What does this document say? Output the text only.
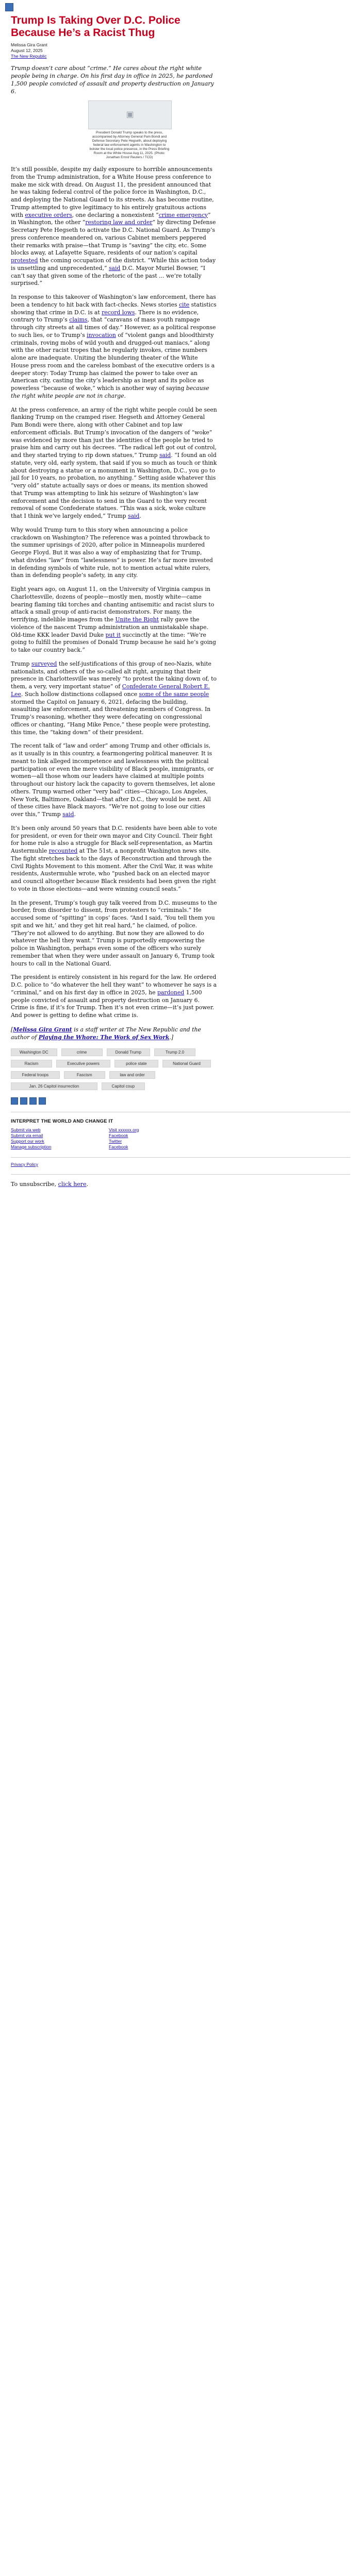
Trump Is Taking Over D.C. Police Because He’s a Racist Thug
Melissa Gira Grant
August 12, 2025
The New Republic
Trump doesn’t care about “crime.” He cares about the right white people being in charge. On his first day in office in 2025, he pardoned 1,500 people convicted of assault and property destruction on January 6.
▣
President Donald Trump speaks to the press, accompanied by Attorney General Pam Bondi and Defense Secretary Pete Hegseth, about deploying federal law enforcement agents in Washington to bolster the local police presence, in the Press Briefing Room at the White House Aug 11, 2025. (Photo: Jonathan Ernst/ Reuters / TCD)

It’s still possible, despite my daily exposure to horrible announcements from the Trump administration, for a White House press conference to make me sick with dread. On August 11, the president announced that he was taking federal control of the police force in Washington, D.C., and deploying the National Guard to its streets. As has become routine, Trump attempted to give legitimacy to his entirely gratuitous actions with executive orders, one declaring a nonexistent “crime emergency” in Washington, the other “restoring law and order” by directing Defense Secretary Pete Hegseth to activate the D.C. National Guard. As Trump’s press conference meandered on, various Cabinet members peppered their remarks with praise—that Trump is “saving” the city, etc. Some blocks away, at Lafayette Square, residents of our nation’s capital protested the coming occupation of the district. “While this action today is unsettling and unprecedented,” said D.C. Mayor Muriel Bowser, “I can’t say that given some of the rhetoric of the past ... we’re totally surprised.”

In response to this takeover of Washington’s law enforcement, there has been a tendency to hit back with fact-checks. News stories cite statistics showing that crime in D.C. is at record lows. There is no evidence, contrary to Trump’s claims, that “caravans of mass youth rampage through city streets at all times of day.” However, as a political response to such lies, or to Trump’s invocation of “violent gangs and bloodthirsty criminals, roving mobs of wild youth and drugged-out maniacs,” along with the other racist tropes that he regularly invokes, crime numbers alone are inadequate. Uniting the blundering theater of the White House press room and the careless bombast of the executive orders is a deeper story: Today Trump has claimed the power to take over an American city, casting the city’s leadership as inept and its police as powerless “because of woke,” which is another way of saying because the right white people are not in charge.

At the press conference, an army of the right white people could be seen flanking Trump on the cramped riser. Hegseth and Attorney General Pam Bondi were there, along with other Cabinet and top law enforcement officials. But Trump’s invocation of the dangers of “woke” was evidenced by more than just the identities of the people he tried to praise him and carry out his decrees. “The radical left got out of control, and they started trying to rip down statues,” Trump said. “I found an old statute, very old, early system, that said if you so much as touch or think about destroying a statue or a monument in Washington, D.C., you go to jail for 10 years, no probation, no anything.” Setting aside whatever this “very old” statute actually says or does or means, its mention showed that Trump was attempting to link his seizure of Washington’s law enforcement and the decision to send in the Guard to the very recent removal of some Confederate statues. “This was a sick, woke culture that I think we’ve largely ended,” Trump said.

Why would Trump turn to this story when announcing a police crackdown on Washington? The reference was a pointed throwback to the summer uprisings of 2020, after police in Minneapolis murdered George Floyd. But it was also a way of emphasizing that for Trump, what divides “law” from “lawlessness” is power. He’s far more invested in defending symbols of white rule, not to mention actual white rulers, than in defending people’s safety, in any city.

Eight years ago, on August 11, on the University of Virginia campus in Charlottesville, dozens of people—mostly men, mostly white—came bearing flaming tiki torches and chanting antisemitic and racist slurs to attack a small group of anti-racist demonstrators. For many, the terrifying, indelible images from the Unite the Right rally gave the violence of the nascent Trump administration an unmistakable shape. Old-time KKK leader David Duke put it succinctly at the time: “We’re going to fulfill the promises of Donald Trump because he said he’s going to take our country back.”

Trump surveyed the self-justifications of this group of neo-Nazis, white nationalists, and others of the so-called alt right, arguing that their presence in Charlottesville was merely “to protest the taking down of, to them, a very, very important statue” of Confederate General Robert E. Lee. Such hollow distinctions collapsed once some of the same people stormed the Capitol on January 6, 2021, defacing the building, assaulting law enforcement, and threatening members of Congress. In Trump’s reasoning, whether they were defecating on congressional offices or chanting, “Hang Mike Pence,” these people were protesting, this time, the “taking down” of their president.

The recent talk of “law and order” among Trump and other officials is, as it usually is in this country, a fearmongering political maneuver. It is meant to link alleged incompetence and lawlessness with the political participation or even the mere visibility of Black people, immigrants, or women—all those whom our leaders have claimed at multiple points throughout our history lack the capacity to govern themselves, let alone others. Trump warned other “very bad” cities—Chicago, Los Angeles, New York, Baltimore, Oakland—that after D.C., they would be next. All of these cities have Black mayors. “We’re not going to lose our cities over this,” Trump said.

It’s been only around 50 years that D.C. residents have been able to vote for president, or even for their own mayor and City Council. Their fight for home rule is also a struggle for Black self-representation, as Martin Austermuhle recounted at The 51st, a nonprofit Washington news site. The fight stretches back to the days of Reconstruction and through the Civil Rights Movement to this moment. After the Civil War, it was white residents, Austermuhle wrote, who “pushed back on an elected mayor and council altogether because Black residents had been given the right to vote in those elections—and were winning council seats.”

In the present, Trump’s tough guy talk veered from D.C. museums to the border, from disorder to dissent, from protesters to “criminals.” He accused some of “spitting” in cops’ faces. “And I said, ‘You tell them you spit and we hit,’ and they get hit real hard,” he claimed, of police. “They’re not allowed to do anything. But now they are allowed to do whatever the hell they want.” Trump is purportedly empowering the police in Washington, perhaps even some of the officers who surely remember that when they were under assault on January 6, Trump took hours to call in the National Guard.

The president is entirely consistent in his regard for the law. He ordered D.C. police to “do whatever the hell they want” to whomever he says is a “criminal,” and on his first day in office in 2025, he pardoned 1,500 people convicted of assault and property destruction on January 6. Crime is fine, if it’s for Trump. Then it’s not even crime—it’s just power. And power is getting to define what crime is.

[Melissa Gira Grant is a staff writer at The New Republic and the author of Playing the Whore: The Work of Sex Work.]
Washington DC	crime	Donald Trump	Trump 2.0
Racism	Executive powers	police state	National Guard
Federal troops	Fascism	law and order
Jan. 26 Capitol insurrection	Capitol coup
INTERPRET THE WORLD AND CHANGE IT
Submit via web
Submit via email
Support our work
Manage subscription
Visit xxxxxx.org
Facebook
Twitter
Facebook
Privacy Policy
To unsubscribe, click here.
